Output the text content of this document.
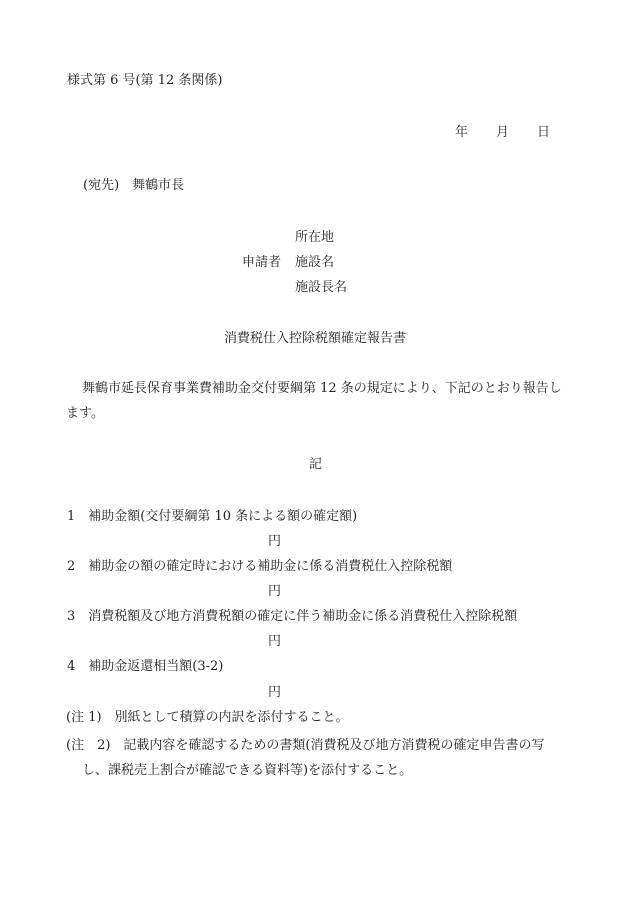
様式第 6 号(第 12 条関係)
年 月 日
(宛先)　舞鶴市長
所在地
申請者 施設名
施設長名
消費税仕入控除税額確定報告書
舞鶴市延長保育事業費補助金交付要綱第 12 条の規定により、下記のとおり報告し
ます。
記
1　補助金額(交付要綱第 10 条による額の確定額)
円
2　補助金の額の確定時における補助金に係る消費税仕入控除税額
円
3　消費税額及び地方消費税額の確定に伴う補助金に係る消費税仕入控除税額
円
4　補助金返還相当額(3-2)
円
(注 1)　別紙として積算の内訳を添付すること。
(注　2)　記載内容を確認するための書類(消費税及び地方消費税の確定申告書の写
し、課税売上割合が確認できる資料等)を添付すること。
